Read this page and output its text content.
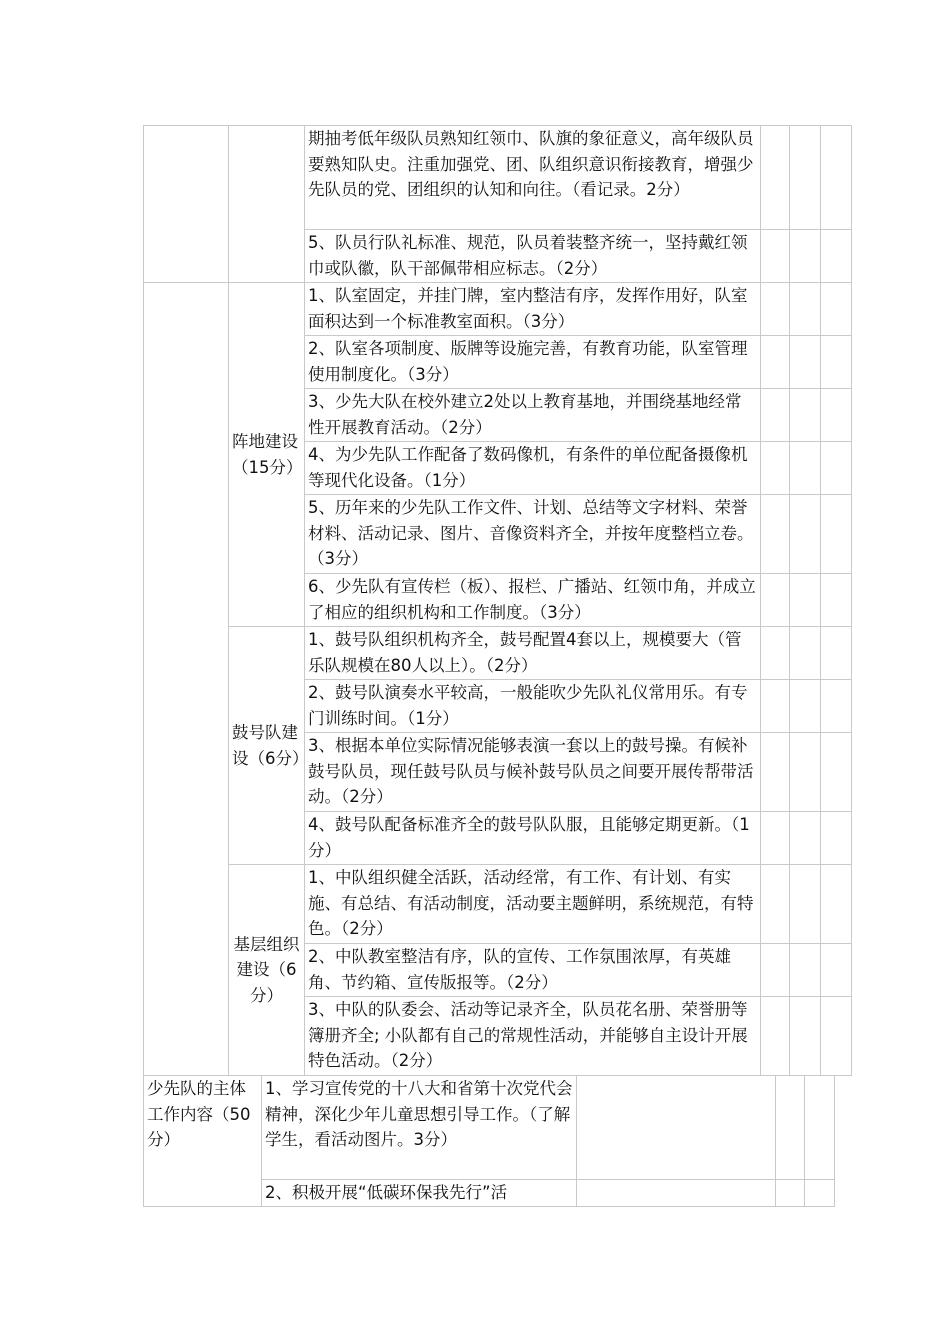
		期抽考低年级队员熟知红领巾、队旗的象征意义，高年级队员要熟知队史。注重加强党、团、队组织意识衔接教育，增强少先队员的党、团组织的认知和向往。（看记录。2分）			
		5、队员行队礼标准、规范，队员着装整齐统一，坚持戴红领巾或队徽，队干部佩带相应标志。（2分）			
	阵地建设（15分）	1、队室固定，并挂门牌，室内整洁有序，发挥作用好，队室面积达到一个标准教室面积。（3分）			
		2、队室各项制度、版牌等设施完善，有教育功能，队室管理使用制度化。（3分）			
		3、少先大队在校外建立2处以上教育基地，并围绕基地经常性开展教育活动。（2分）			
		4、为少先队工作配备了数码像机，有条件的单位配备摄像机等现代化设备。（1分）			
		5、历年来的少先队工作文件、计划、总结等文字材料、荣誉材料、活动记录、图片、音像资料齐全，并按年度整档立卷。（3分）			
		6、少先队有宣传栏（板）、报栏、广播站、红领巾角，并成立了相应的组织机构和工作制度。（3分）			
	鼓号队建设（6分）	1、鼓号队组织机构齐全，鼓号配置4套以上，规模要大（管乐队规模在80人以上）。（2分）			
		2、鼓号队演奏水平较高，一般能吹少先队礼仪常用乐。有专门训练时间。（1分）			
		3、根据本单位实际情况能够表演一套以上的鼓号操。有候补鼓号队员，现任鼓号队员与候补鼓号队员之间要开展传帮带活动。（2分）			
		4、鼓号队配备标准齐全的鼓号队队服，且能够定期更新。（1分）			
	基层组织建设（6分）	1、中队组织健全活跃，活动经常，有工作、有计划、有实施、有总结、有活动制度，活动要主题鲜明，系统规范，有特色。（2分）			
		2、中队教室整洁有序，队的宣传、工作氛围浓厚，有英雄角、节约箱、宣传版报等。（2分）			
		3、中队的队委会、活动等记录齐全，队员花名册、荣誉册等簿册齐全; 小队都有自己的常规性活动，并能够自主设计开展特色活动。（2分）			
少先队的主体工作内容（50分）	1、学习宣传党的十八大和省第十次党代会精神，深化少年儿童思想引导工作。（了解学生，看活动图片。3分）			
	2、积极开展“低碳环保我先行”活			
